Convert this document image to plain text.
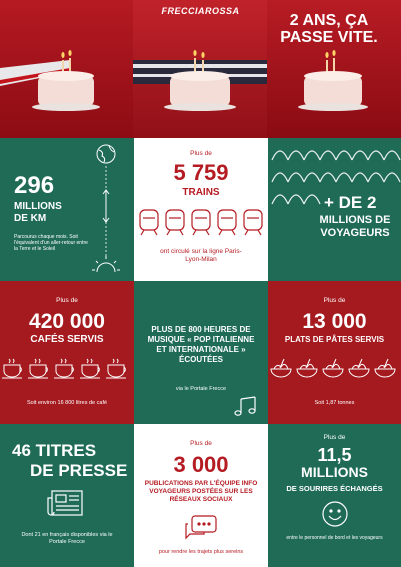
FRECCIAROSSA
2 ANS, ÇA PASSE VITE.
296
MILLIONS DE KM
Parcourus chaque mois. Soit l'équivalent d'un aller-retour entre la Terre et le Soleil
Plus de
5 759
TRAINS
ont circulé sur la ligne Paris-Lyon-Milan
+ DE 2
MILLIONS DE VOYAGEURS
Plus de
420 000
CAFÉS SERVIS
Soit environ 16 800 litres de café
PLUS DE 800 HEURES DE MUSIQUE « POP ITALIENNE ET INTERNATIONALE » ÉCOUTÉES
via le Portale Frecce
Plus de
13 000
PLATS DE PÂTES SERVIS
Soit 1,87 tonnes
46 TITRES
DE PRESSE
Dont 21 en français disponibles via le Portale Frecce
Plus de
3 000
PUBLICATIONS PAR L'ÉQUIPE INFO VOYAGEURS POSTÉES SUR LES RÉSEAUX SOCIAUX
pour rendre les trajets plus sereins
Plus de
11,5
MILLIONS
DE SOURIRES ÉCHANGÉS
entre le personnel de bord et les voyageurs
TRENITALIA
